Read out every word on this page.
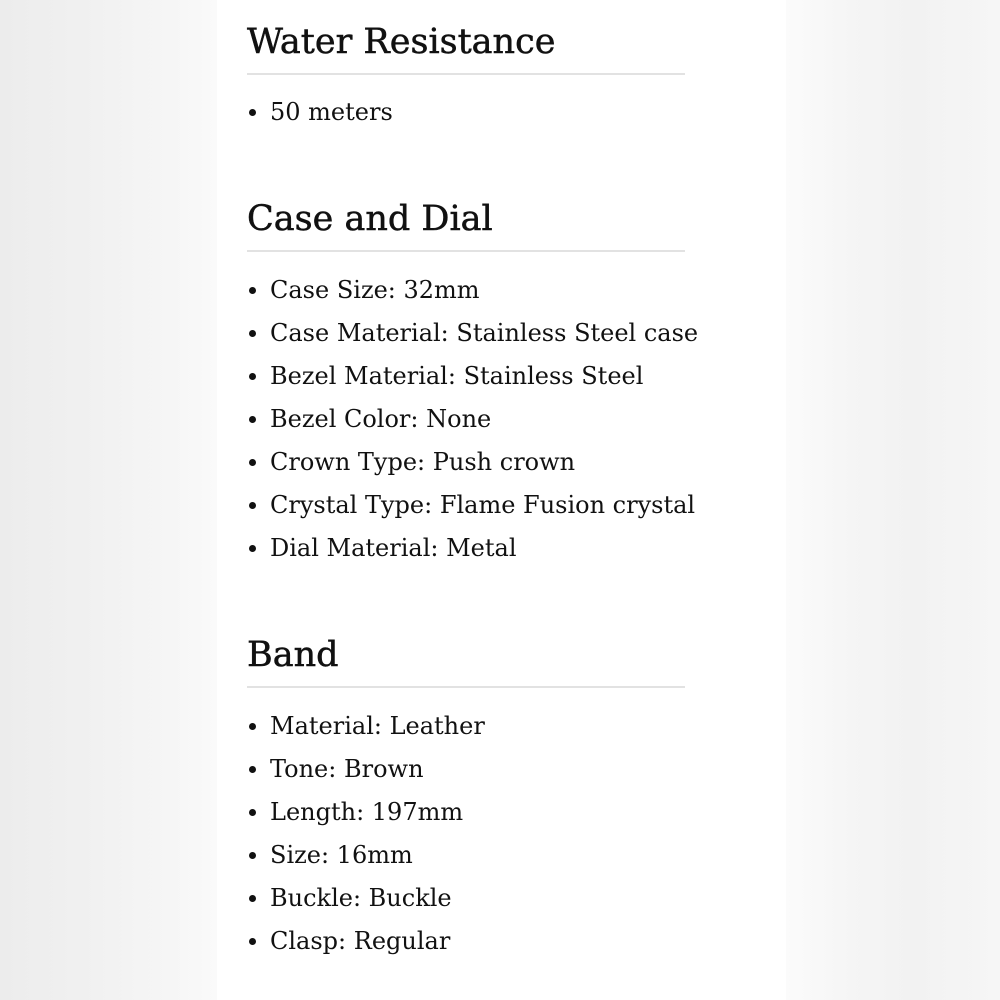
Water Resistance
50 meters
Case and Dial
Case Size: 32mm
Case Material: Stainless Steel case
Bezel Material: Stainless Steel
Bezel Color: None
Crown Type: Push crown
Crystal Type: Flame Fusion crystal
Dial Material: Metal
Band
Material: Leather
Tone: Brown
Length: 197mm
Size: 16mm
Buckle: Buckle
Clasp: Regular
